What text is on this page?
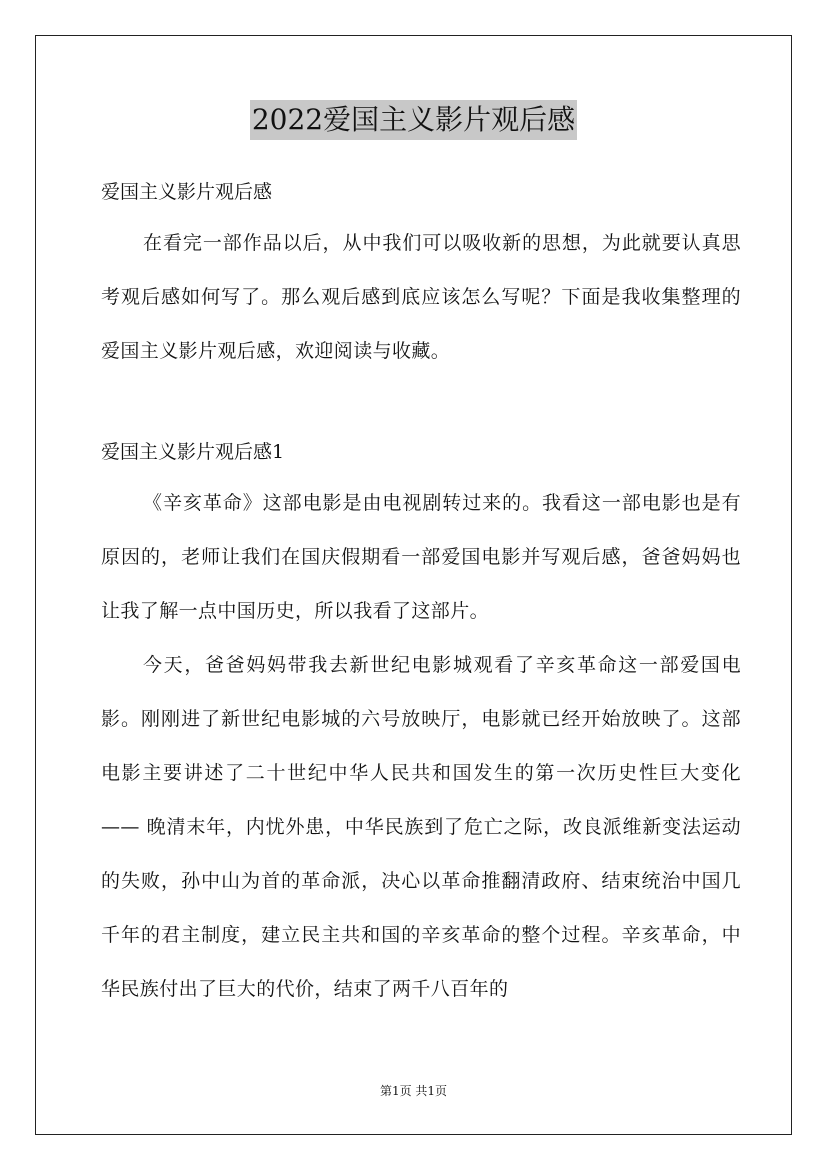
2022爱国主义影片观后感

爱国主义影片观后感

在看完一部作品以后，从中我们可以吸收新的思想，为此就要认真思考观后感如何写了。那么观后感到底应该怎么写呢？下面是我收集整理的爱国主义影片观后感，欢迎阅读与收藏。

爱国主义影片观后感1

《辛亥革命》这部电影是由电视剧转过来的。我看这一部电影也是有原因的，老师让我们在国庆假期看一部爱国电影并写观后感，爸爸妈妈也让我了解一点中国历史，所以我看了这部片。

今天，爸爸妈妈带我去新世纪电影城观看了辛亥革命这一部爱国电影。刚刚进了新世纪电影城的六号放映厅，电影就已经开始放映了。这部电影主要讲述了二十世纪中华人民共和国发生的第一次历史性巨大变化—— 晚清末年，内忧外患，中华民族到了危亡之际，改良派维新变法运动的失败，孙中山为首的革命派，决心以革命推翻清政府、结束统治中国几千年的君主制度，建立民主共和国的辛亥革命的整个过程。辛亥革命，中华民族付出了巨大的代价，结束了两千八百年的

第1页 共1页
